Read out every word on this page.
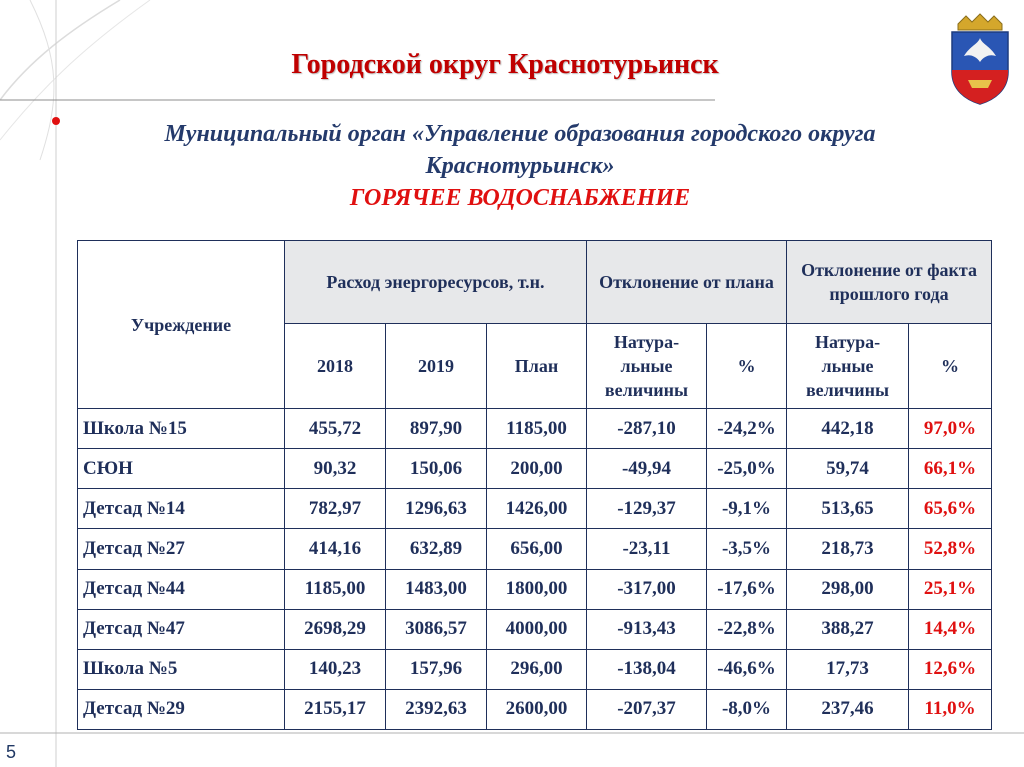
Городской округ Краснотурьинск
Муниципальный орган «Управление образования городского округа
Краснотурьинск»
ГОРЯЧЕЕ ВОДОСНАБЖЕНИЕ
Учреждение	Расход энергоресурсов, т.н.			Отклонение от плана		Отклонение от факта прошлого года	
	2018	2019	План	Натура-льные величины	%	Натура-льные величины	%
Школа №15	455,72	897,90	1185,00	-287,10	-24,2%	442,18	97,0%
СЮН	90,32	150,06	200,00	-49,94	-25,0%	59,74	66,1%
Детсад №14	782,97	1296,63	1426,00	-129,37	-9,1%	513,65	65,6%
Детсад №27	414,16	632,89	656,00	-23,11	-3,5%	218,73	52,8%
Детсад №44	1185,00	1483,00	1800,00	-317,00	-17,6%	298,00	25,1%
Детсад №47	2698,29	3086,57	4000,00	-913,43	-22,8%	388,27	14,4%
Школа №5	140,23	157,96	296,00	-138,04	-46,6%	17,73	12,6%
Детсад №29	2155,17	2392,63	2600,00	-207,37	-8,0%	237,46	11,0%
5
